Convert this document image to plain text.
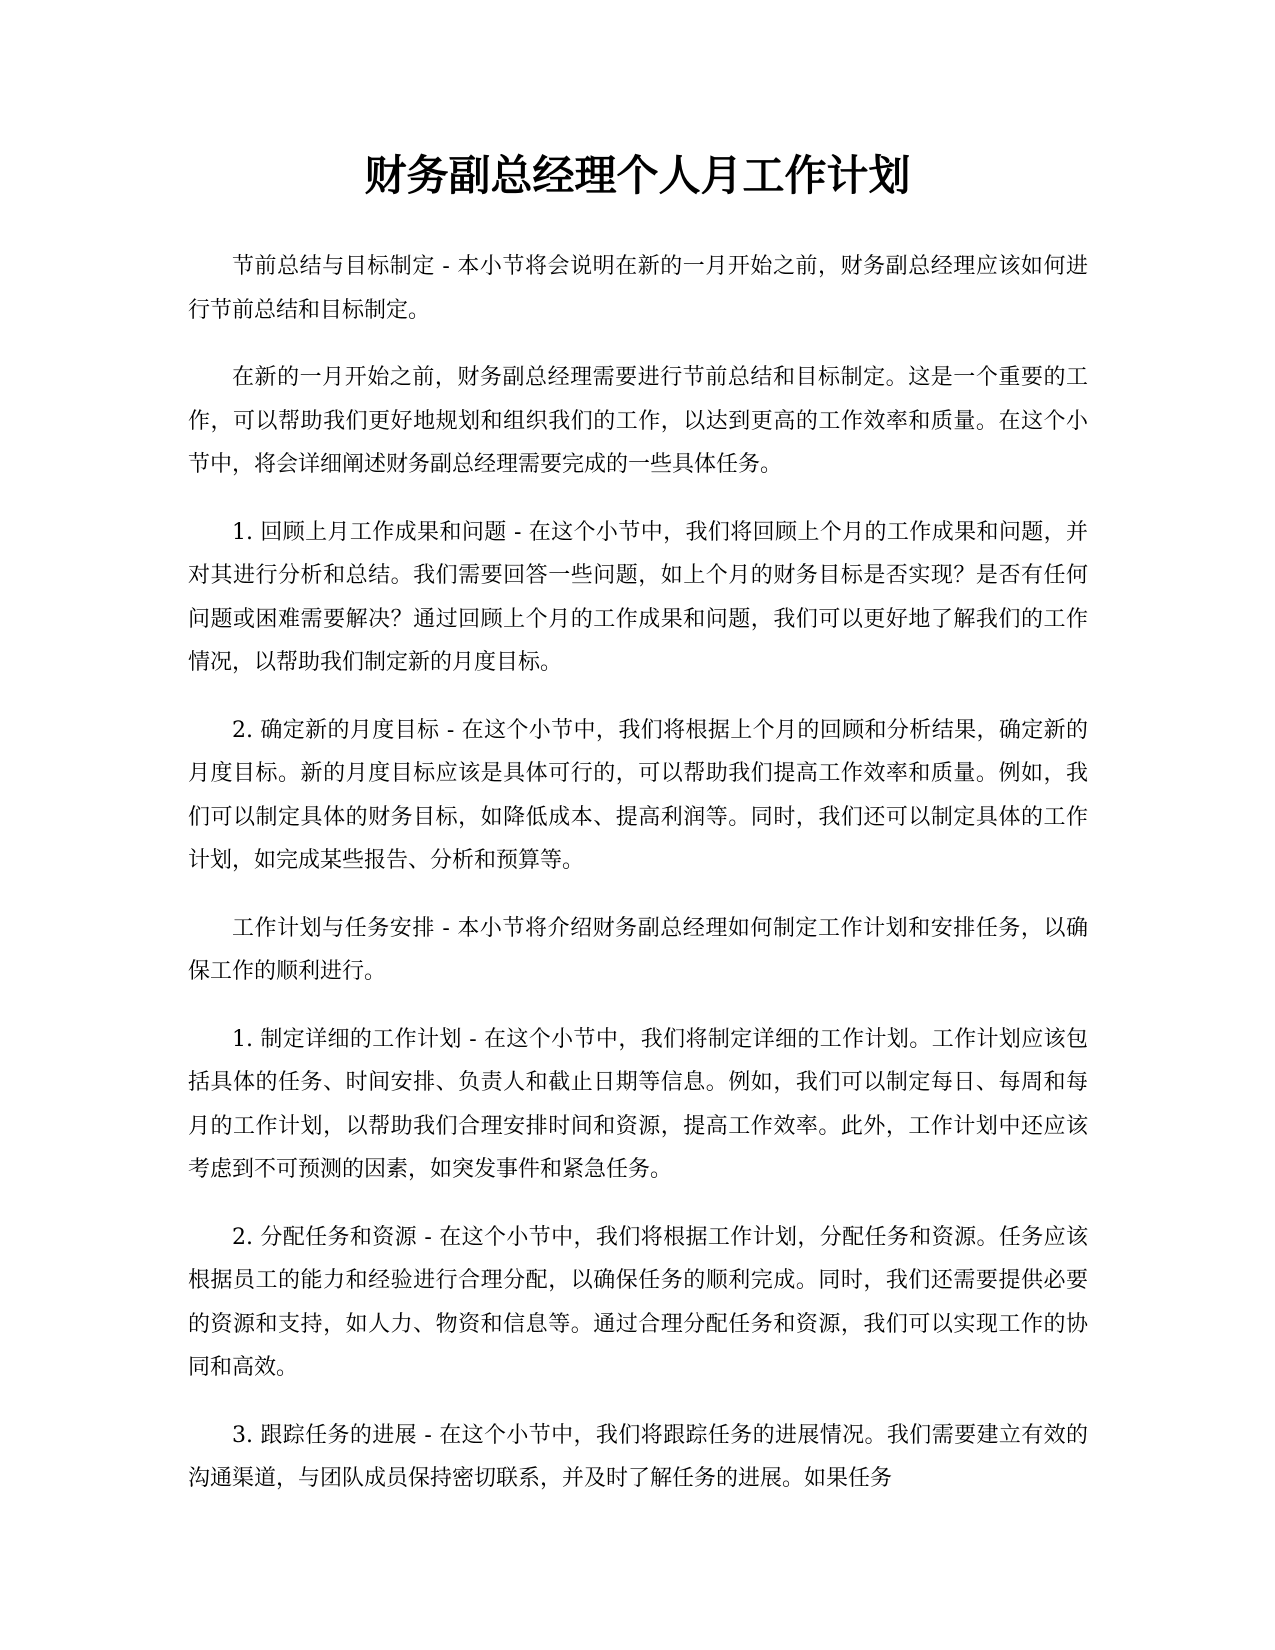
财务副总经理个人月工作计划

节前总结与目标制定 - 本小节将会说明在新的一月开始之前，财务副总经理应该如何进行节前总结和目标制定。

在新的一月开始之前，财务副总经理需要进行节前总结和目标制定。这是一个重要的工作，可以帮助我们更好地规划和组织我们的工作，以达到更高的工作效率和质量。在这个小节中，将会详细阐述财务副总经理需要完成的一些具体任务。

1. 回顾上月工作成果和问题 - 在这个小节中，我们将回顾上个月的工作成果和问题，并对其进行分析和总结。我们需要回答一些问题，如上个月的财务目标是否实现？是否有任何问题或困难需要解决？通过回顾上个月的工作成果和问题，我们可以更好地了解我们的工作情况，以帮助我们制定新的月度目标。

2. 确定新的月度目标 - 在这个小节中，我们将根据上个月的回顾和分析结果，确定新的月度目标。新的月度目标应该是具体可行的，可以帮助我们提高工作效率和质量。例如，我们可以制定具体的财务目标，如降低成本、提高利润等。同时，我们还可以制定具体的工作计划，如完成某些报告、分析和预算等。

工作计划与任务安排 - 本小节将介绍财务副总经理如何制定工作计划和安排任务，以确保工作的顺利进行。

1. 制定详细的工作计划 - 在这个小节中，我们将制定详细的工作计划。工作计划应该包括具体的任务、时间安排、负责人和截止日期等信息。例如，我们可以制定每日、每周和每月的工作计划，以帮助我们合理安排时间和资源，提高工作效率。此外，工作计划中还应该考虑到不可预测的因素，如突发事件和紧急任务。

2. 分配任务和资源 - 在这个小节中，我们将根据工作计划，分配任务和资源。任务应该根据员工的能力和经验进行合理分配，以确保任务的顺利完成。同时，我们还需要提供必要的资源和支持，如人力、物资和信息等。通过合理分配任务和资源，我们可以实现工作的协同和高效。

3. 跟踪任务的进展 - 在这个小节中，我们将跟踪任务的进展情况。我们需要建立有效的沟通渠道，与团队成员保持密切联系，并及时了解任务的进展。如果任务
